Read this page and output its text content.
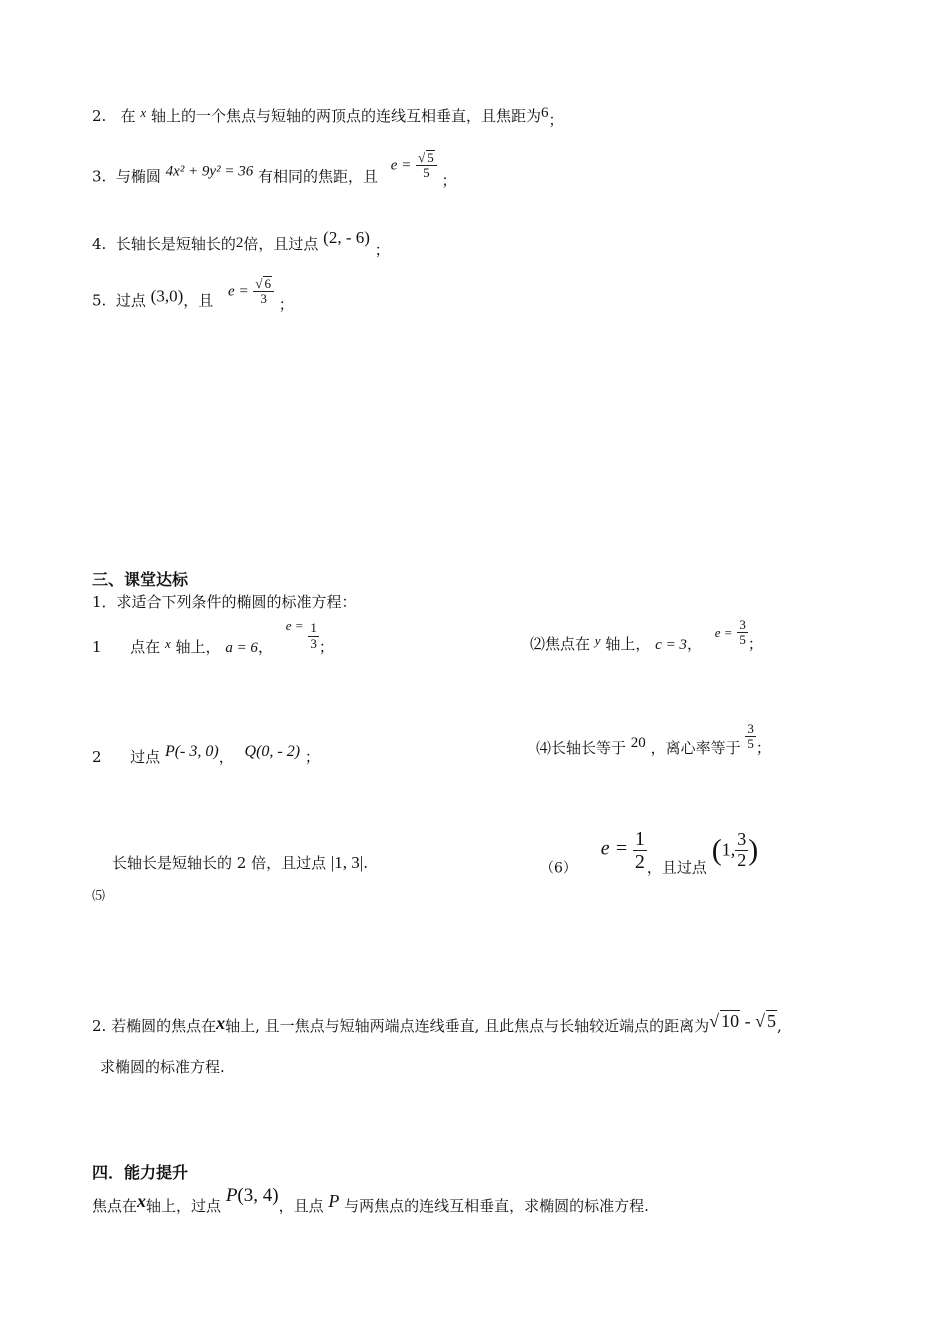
2. 在 x 轴上的一个焦点与短轴的两顶点的连线互相垂直，且焦距为6；
3. 与椭圆 4x² + 9y² = 36 有相同的焦距，且 $e = \frac{√ 5}{5}$ ；
4. 长轴长是短轴长的2倍，且过点 (2, - 6) ；
5. 过点 (3,0)，且 $e = \frac{√ 6}{3}$ ；
三、课堂达标
1．求适合下列条件的椭圆的标准方程：
1 点在 x 轴上， a = 6， $e = \frac{1}{3}$ ；	⑵焦点在 y 轴上， c = 3， $e = \frac{3}{5}$ ；
2 过点 P(- 3, 0)， Q(0, - 2) ；
⑷长轴长等于 20 ，离心率等于 $\frac{3}{5}$ ；
长轴长是短轴长的 2 倍，且过点 |1, 3|.
⑸
（6）     $e = \frac{1}{2}$ ，且过点 (1, $\frac{3}{2}$ )
2. 若椭圆的焦点在x轴上, 且一焦点与短轴两端点连线垂直, 且此焦点与长轴较近端点的距离为√ 10 - √ 5,
求椭圆的标准方程.
四．能力提升
焦点在x轴上，过点 P(3, 4)，且点 P 与两焦点的连线互相垂直，求椭圆的标准方程.
